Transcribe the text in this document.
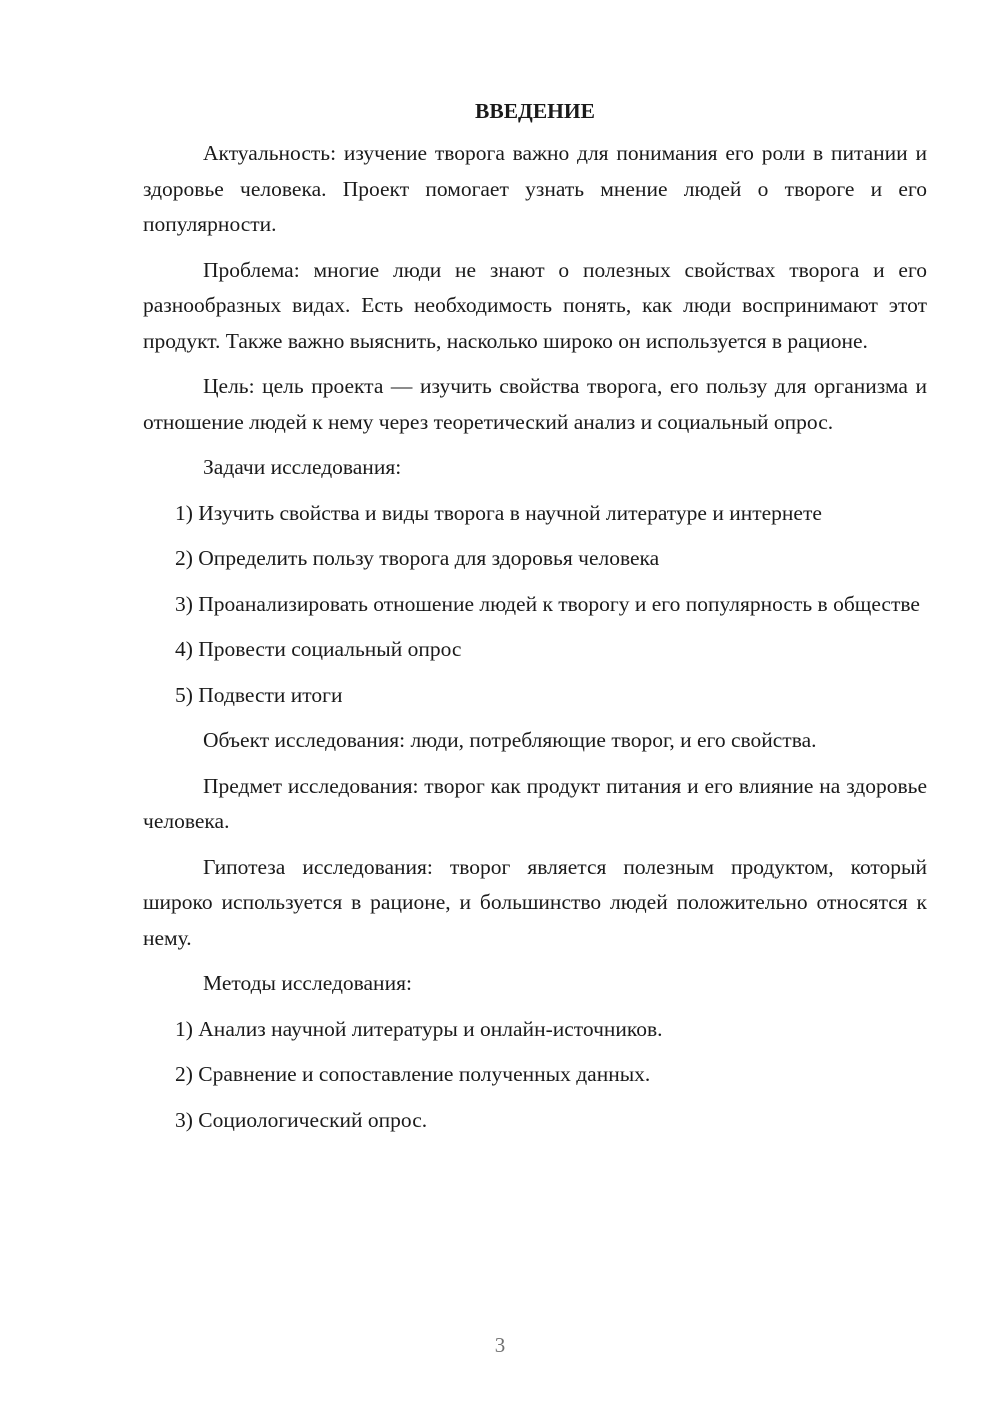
ВВЕДЕНИЕ
Актуальность: изучение творога важно для понимания его роли в питании и здоровье человека. Проект помогает узнать мнение людей о твороге и его популярности.
Проблема: многие люди не знают о полезных свойствах творога и его разнообразных видах. Есть необходимость понять, как люди воспринимают этот продукт. Также важно выяснить, насколько широко он используется в рационе.
Цель: цель проекта — изучить свойства творога, его пользу для организма и отношение людей к нему через теоретический анализ и социальный опрос.
Задачи исследования:
1) Изучить свойства и виды творога в научной литературе и интернете
2) Определить пользу творога для здоровья человека
3) Проанализировать отношение людей к творогу и его популярность в обществе
4) Провести социальный опрос
5) Подвести итоги
Объект исследования: люди, потребляющие творог, и его свойства.
Предмет исследования: творог как продукт питания и его влияние на здоровье человека.
Гипотеза исследования: творог является полезным продуктом, который широко используется в рационе, и большинство людей положительно относятся к нему.
Методы исследования:
1) Анализ научной литературы и онлайн-источников.
2) Сравнение и сопоставление полученных данных.
3) Социологический опрос.
3
